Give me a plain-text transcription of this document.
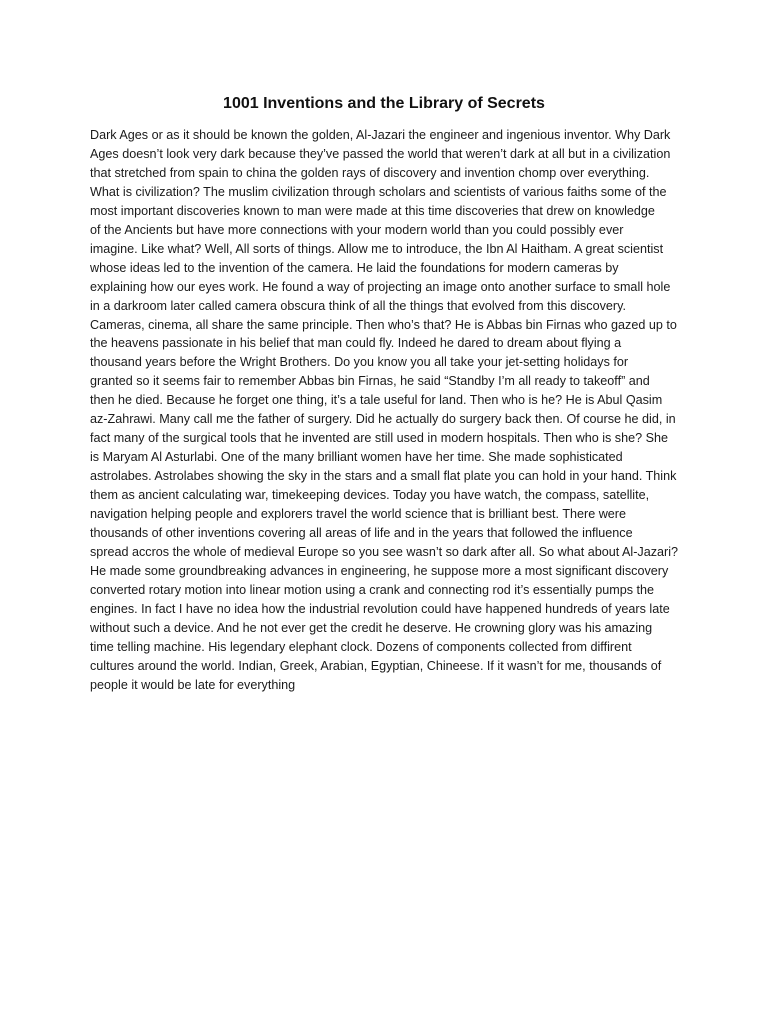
1001 Inventions and the Library of Secrets
Dark Ages or as it should be known the golden, Al-Jazari the engineer and ingenious inventor. Why Dark
Ages doesn’t look very dark because they’ve passed the world that weren’t dark at all but in a civilization
that stretched from spain to china the golden rays of discovery and invention chomp over everything.
What is civilization? The muslim civilization through scholars and scientists of various faiths some of the
most important discoveries known to man were made at this time discoveries that drew on knowledge
of the Ancients but have more connections with your modern world than you could possibly ever
imagine. Like what? Well, All sorts of things. Allow me to introduce, the Ibn Al Haitham. A great scientist
whose ideas led to the invention of the camera. He laid the foundations for modern cameras by
explaining how our eyes work. He found a way of projecting an image onto another surface to small hole
in a darkroom later called camera obscura think of all the things that evolved from this discovery.
Cameras, cinema, all share the same principle. Then who’s that? He is Abbas bin Firnas who gazed up to
the heavens passionate in his belief that man could fly. Indeed he dared to dream about flying a
thousand years before the Wright Brothers. Do you know you all take your jet-setting holidays for
granted so it seems fair to remember Abbas bin Firnas, he said “Standby I’m all ready to takeoff” and
then he died. Because he forget one thing, it’s a tale useful for land. Then who is he? He is Abul Qasim
az-Zahrawi. Many call me the father of surgery. Did he actually do surgery back then. Of course he did, in
fact many of the surgical tools that he invented are still used in modern hospitals. Then who is she? She
is Maryam Al Asturlabi. One of the many brilliant women have her time. She made sophisticated
astrolabes. Astrolabes showing the sky in the stars and a small flat plate you can hold in your hand. Think
them as ancient calculating war, timekeeping devices. Today you have watch, the compass, satellite,
navigation helping people and explorers travel the world science that is brilliant best. There were
thousands of other inventions covering all areas of life and in the years that followed the influence
spread accros the whole of medieval Europe so you see wasn’t so dark after all. So what about Al-Jazari?
He made some groundbreaking advances in engineering, he suppose more a most significant discovery
converted rotary motion into linear motion using a crank and connecting rod it’s essentially pumps the
engines. In fact I have no idea how the industrial revolution could have happened hundreds of years late
without such a device. And he not ever get the credit he deserve. He crowning glory was his amazing
time telling machine. His legendary elephant clock. Dozens of components collected from diffirent
cultures around the world. Indian, Greek, Arabian, Egyptian, Chineese. If it wasn’t for me, thousands of
people it would be late for everything
